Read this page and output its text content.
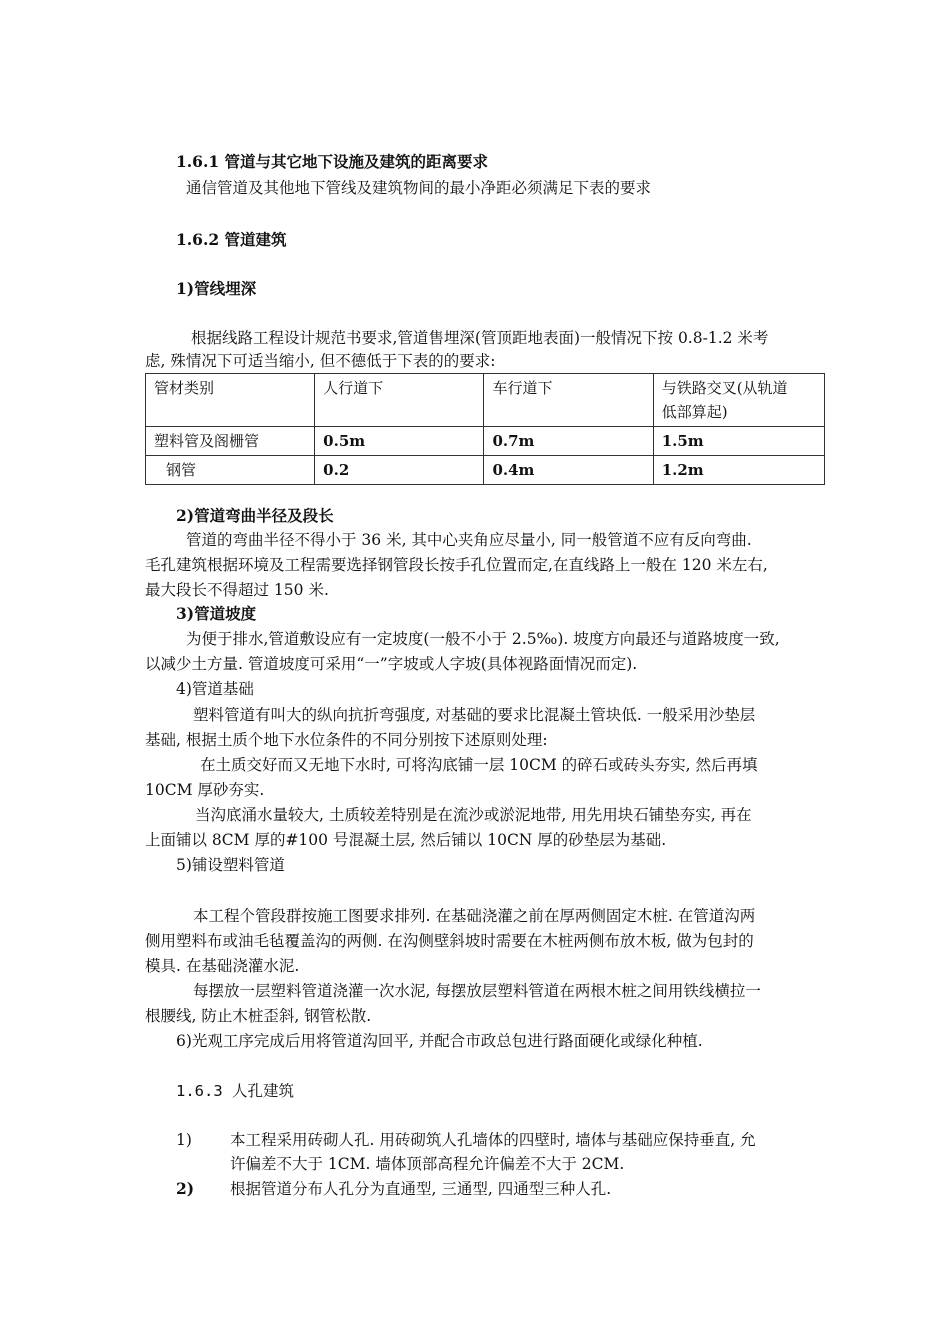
1.6.1 管道与其它地下设施及建筑的距离要求
通信管道及其他地下管线及建筑物间的最小净距必须满足下表的要求
1.6.2 管道建筑
1)管线埋深
根据线路工程设计规范书要求,管道售埋深(管顶距地表面)一般情况下按 0.8-1.2 米考
虑, 殊情况下可适当缩小, 但不德低于下表的的要求:
管材类别	人行道下	车行道下	与铁路交叉(从轨道
低部算起)
塑料管及阁栅管	0.5m	0.7m	1.5m
钢管	0.2	0.4m	1.2m
2)管道弯曲半径及段长
管道的弯曲半径不得小于 36 米, 其中心夹角应尽量小, 同一般管道不应有反向弯曲.
毛孔建筑根据环境及工程需要选择钢管段长按手孔位置而定,在直线路上一般在 120 米左右,
最大段长不得超过 150 米.
3)管道坡度
为便于排水,管道敷设应有一定坡度(一般不小于 2.5‰). 坡度方向最还与道路坡度一致,
以减少土方量. 管道坡度可采用“一”字坡或人字坡(具体视路面情况而定).
4)管道基础
塑料管道有叫大的纵向抗折弯强度, 对基础的要求比混凝土管块低. 一般采用沙垫层
基础, 根据土质个地下水位条件的不同分别按下述原则处理:
在土质交好而又无地下水时, 可将沟底铺一层 10CM 的碎石或砖头夯实, 然后再填
10CM 厚砂夯实.
当沟底涌水量较大, 土质较差特别是在流沙或淤泥地带, 用先用块石铺垫夯实, 再在
上面铺以 8CM 厚的#100 号混凝土层, 然后铺以 10CN 厚的砂垫层为基础.
5)铺设塑料管道
本工程个管段群按施工图要求排列. 在基础浇灌之前在厚两侧固定木桩. 在管道沟两
侧用塑料布或油毛毡覆盖沟的两侧. 在沟侧壁斜坡时需要在木桩两侧布放木板, 做为包封的
模具. 在基础浇灌水泥.
每摆放一层塑料管道浇灌一次水泥, 每摆放层塑料管道在两根木桩之间用铁线横拉一
根腰线, 防止木桩歪斜, 钢管松散.
6)光观工序完成后用将管道沟回平, 并配合市政总包进行路面硬化或绿化种植.
1.6.3 人孔建筑
1) 本工程采用砖砌人孔. 用砖砌筑人孔墙体的四壁时, 墙体与基础应保持垂直, 允
许偏差不大于 1CM. 墙体顶部高程允许偏差不大于 2CM.
2) 根据管道分布人孔分为直通型, 三通型, 四通型三种人孔.
